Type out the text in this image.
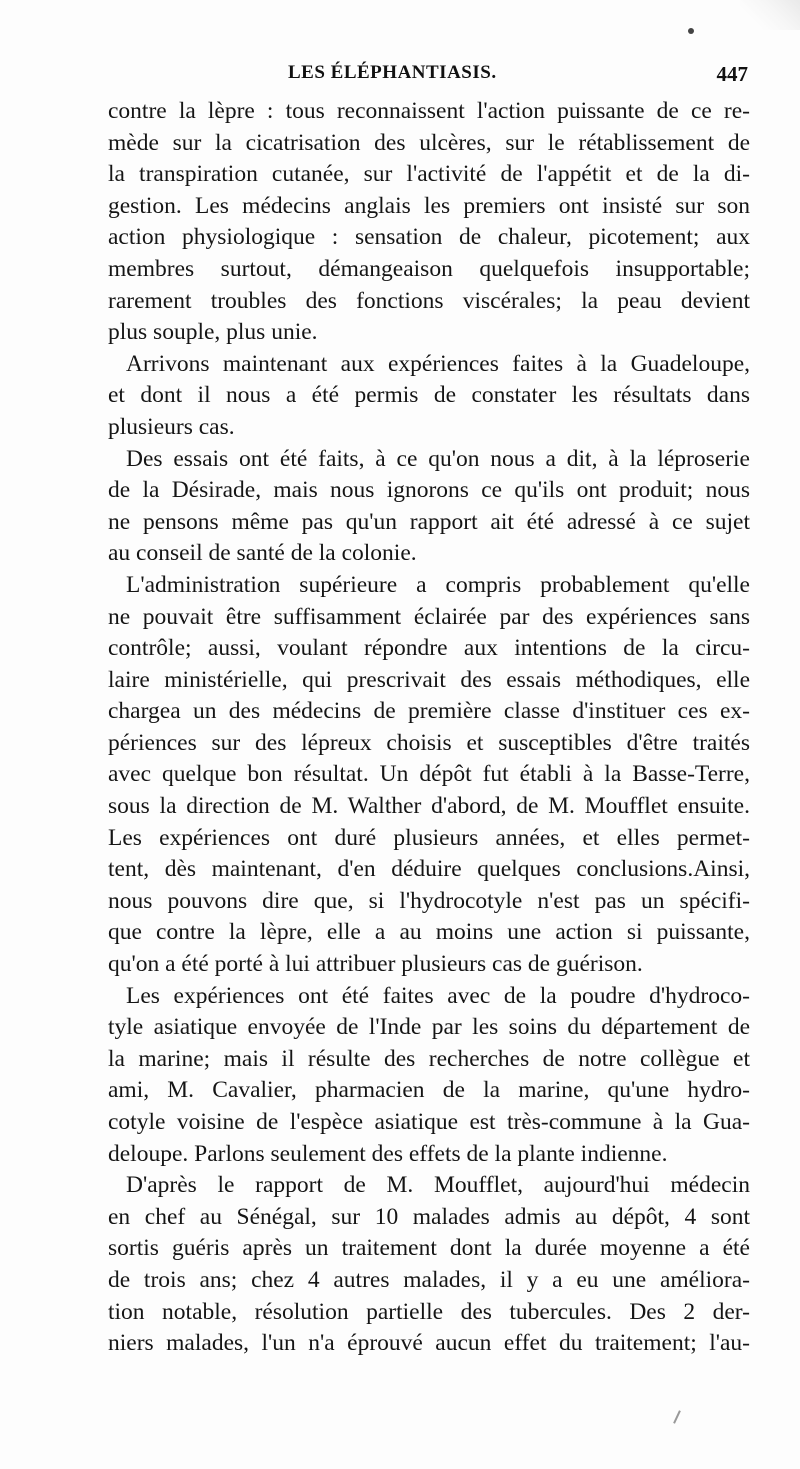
LES ÉLÉPHANTIASIS.	447
contre la lèpre : tous reconnaissent l'action puissante de ce re-
mède sur la cicatrisation des ulcères, sur le rétablissement de
la transpiration cutanée, sur l'activité de l'appétit et de la di-
gestion. Les médecins anglais les premiers ont insisté sur son
action physiologique : sensation de chaleur, picotement; aux
membres surtout, démangeaison quelquefois insupportable;
rarement troubles des fonctions viscérales; la peau devient
plus souple, plus unie.
Arrivons maintenant aux expériences faites à la Guadeloupe,
et dont il nous a été permis de constater les résultats dans
plusieurs cas.
Des essais ont été faits, à ce qu'on nous a dit, à la léproserie
de la Désirade, mais nous ignorons ce qu'ils ont produit; nous
ne pensons même pas qu'un rapport ait été adressé à ce sujet
au conseil de santé de la colonie.
L'administration supérieure a compris probablement qu'elle
ne pouvait être suffisamment éclairée par des expériences sans
contrôle; aussi, voulant répondre aux intentions de la circu-
laire ministérielle, qui prescrivait des essais méthodiques, elle
chargea un des médecins de première classe d'instituer ces ex-
périences sur des lépreux choisis et susceptibles d'être traités
avec quelque bon résultat. Un dépôt fut établi à la Basse-Terre,
sous la direction de M. Walther d'abord, de M. Moufflet ensuite.
Les expériences ont duré plusieurs années, et elles permet-
tent, dès maintenant, d'en déduire quelques conclusions.Ainsi,
nous pouvons dire que, si l'hydrocotyle n'est pas un spécifi-
que contre la lèpre, elle a au moins une action si puissante,
qu'on a été porté à lui attribuer plusieurs cas de guérison.
Les expériences ont été faites avec de la poudre d'hydroco-
tyle asiatique envoyée de l'Inde par les soins du département de
la marine; mais il résulte des recherches de notre collègue et
ami, M. Cavalier, pharmacien de la marine, qu'une hydro-
cotyle voisine de l'espèce asiatique est très-commune à la Gua-
deloupe. Parlons seulement des effets de la plante indienne.
D'après le rapport de M. Moufflet, aujourd'hui médecin
en chef au Sénégal, sur 10 malades admis au dépôt, 4 sont
sortis guéris après un traitement dont la durée moyenne a été
de trois ans; chez 4 autres malades, il y a eu une améliora-
tion notable, résolution partielle des tubercules. Des 2 der-
niers malades, l'un n'a éprouvé aucun effet du traitement; l'au-
